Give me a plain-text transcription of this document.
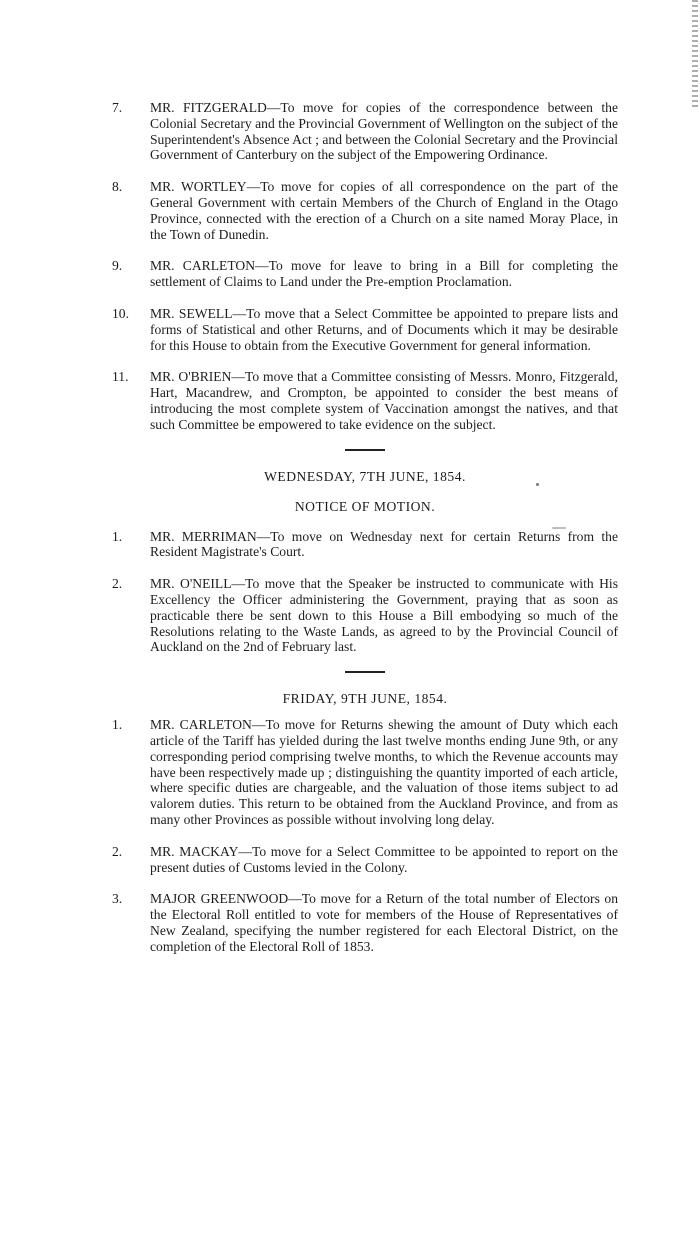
7.	MR. FITZGERALD—To move for copies of the correspondence between the Colonial Secretary and the Provincial Government of Wellington on the subject of the Superintendent's Absence Act ; and between the Colonial Secretary and the Provincial Government of Canterbury on the subject of the Empowering Ordinance.
8.	MR. WORTLEY—To move for copies of all correspondence on the part of the General Government with certain Members of the Church of England in the Otago Province, connected with the erection of a Church on a site named Moray Place, in the Town of Dunedin.
9.	MR. CARLETON—To move for leave to bring in a Bill for completing the settlement of Claims to Land under the Pre-emption Proclamation.
10.	MR. SEWELL—To move that a Select Committee be appointed to prepare lists and forms of Statistical and other Returns, and of Documents which it may be desirable for this House to obtain from the Executive Government for general information.
11.	MR. O'BRIEN—To move that a Committee consisting of Messrs. Monro, Fitzgerald, Hart, Macandrew, and Crompton, be appointed to consider the best means of introducing the most complete system of Vaccination amongst the natives, and that such Committee be empowered to take evidence on the subject.
WEDNESDAY, 7TH JUNE, 1854.
NOTICE OF MOTION.
1.	MR. MERRIMAN—To move on Wednesday next for certain Returns from the Resident Magistrate's Court.
2.	MR. O'NEILL—To move that the Speaker be instructed to communicate with His Excellency the Officer administering the Government, praying that as soon as practicable there be sent down to this House a Bill embodying so much of the Resolutions relating to the Waste Lands, as agreed to by the Provincial Council of Auckland on the 2nd of February last.
FRIDAY, 9TH JUNE, 1854.
1.	MR. CARLETON—To move for Returns shewing the amount of Duty which each article of the Tariff has yielded during the last twelve months ending June 9th, or any corresponding period comprising twelve months, to which the Revenue accounts may have been respectively made up ; distinguishing the quantity imported of each article, where specific duties are chargeable, and the valuation of those items subject to ad valorem duties. This return to be obtained from the Auckland Province, and from as many other Provinces as possible without involving long delay.
2.	MR. MACKAY—To move for a Select Committee to be appointed to report on the present duties of Customs levied in the Colony.
3.	MAJOR GREENWOOD—To move for a Return of the total number of Electors on the Electoral Roll entitled to vote for members of the House of Representatives of New Zealand, specifying the number registered for each Electoral District, on the completion of the Electoral Roll of 1853.
